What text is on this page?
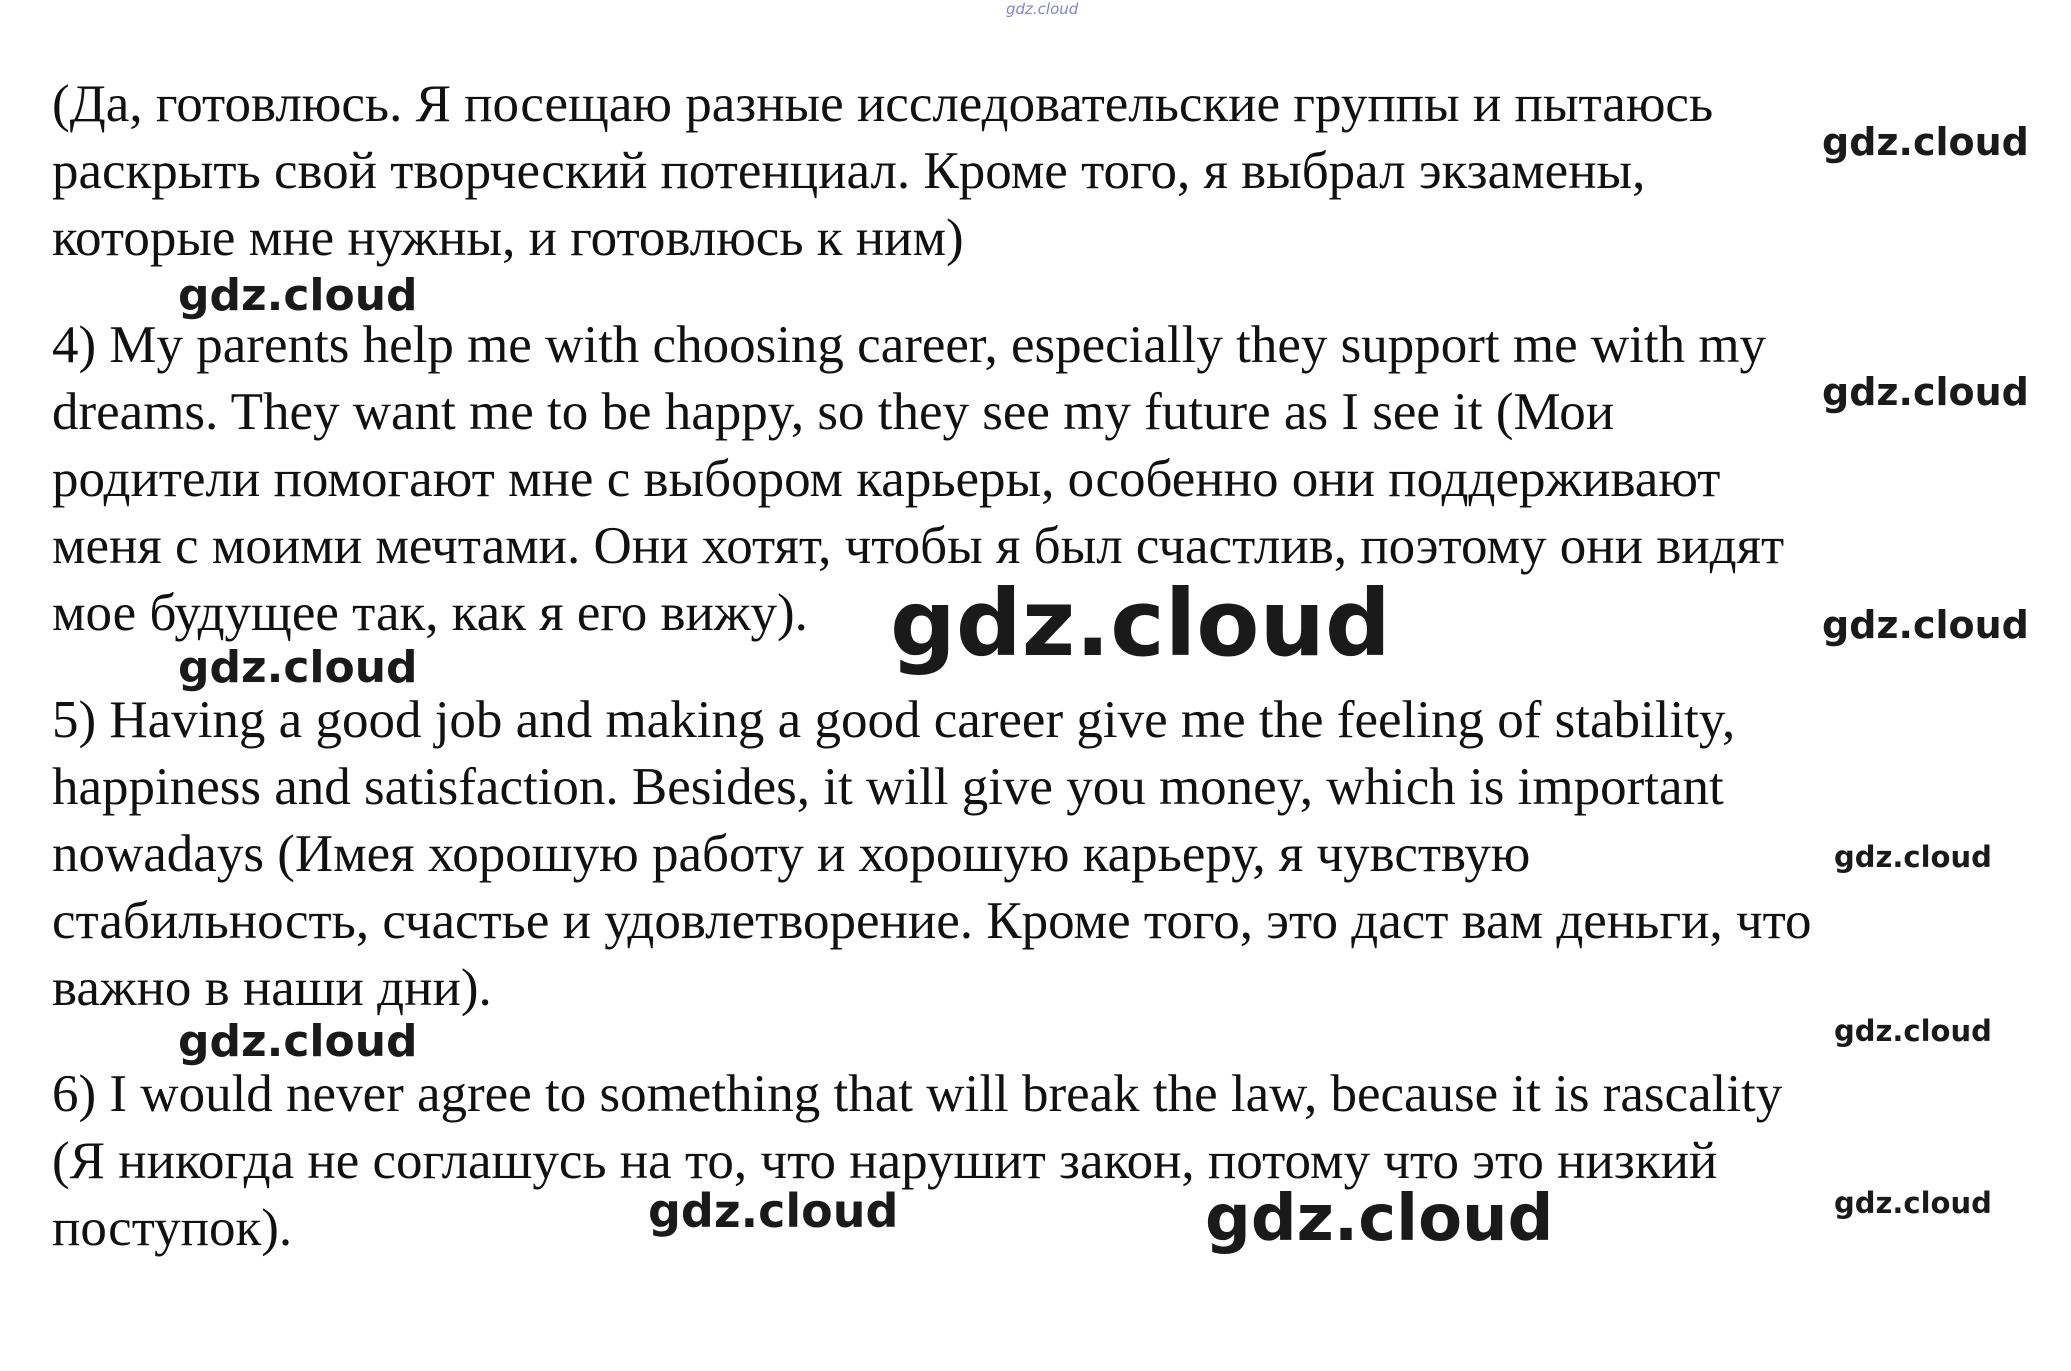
gdz.cloud
(Да, готовлюсь. Я посещаю разные исследовательские группы и пытаюсь
раскрыть свой творческий потенциал. Кроме того, я выбрал экзамены,
которые мне нужны, и готовлюсь к ним)
4) My parents help me with choosing career, especially they support me with my
dreams. They want me to be happy, so they see my future as I see it (Мои
родители помогают мне с выбором карьеры, особенно они поддерживают
меня с моими мечтами. Они хотят, чтобы я был счастлив, поэтому они видят
мое будущее так, как я его вижу).
5) Having a good job and making a good career give me the feeling of stability,
happiness and satisfaction. Besides, it will give you money, which is important
nowadays (Имея хорошую работу и хорошую карьеру, я чувствую
стабильность, счастье и удовлетворение. Кроме того, это даст вам деньги, что
важно в наши дни).
6) I would never agree to something that will break the law, because it is rascality
(Я никогда не соглашусь на то, что нарушит закон, потому что это низкий
поступок).
gdz.cloud
gdz.cloud
gdz.cloud
gdz.cloud	gdz.cloud
gdz.cloud
gdz.cloud
gdz.cloud	gdz.cloud
gdz.cloud
gdz.cloud	gdz.cloud
